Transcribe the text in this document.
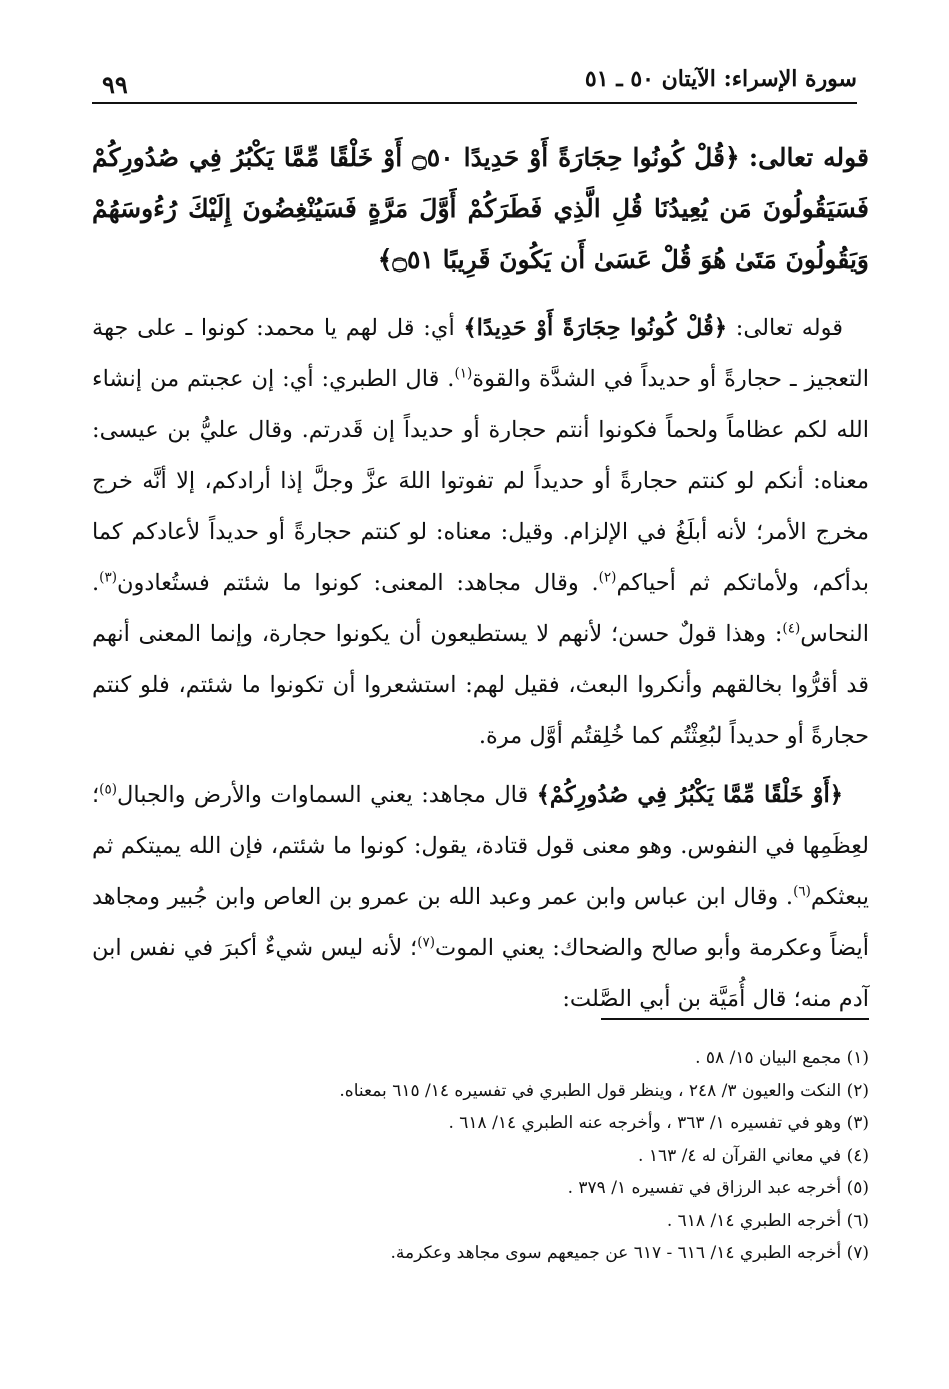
سورة الإسراء: الآيتان ٥٠ ـ ٥١
٩٩

قوله تعالى: ﴿قُلْ كُونُوا حِجَارَةً أَوْ حَدِيدًا ۝٥٠ أَوْ خَلْقًا مِّمَّا يَكْبُرُ فِي صُدُورِكُمْ فَسَيَقُولُونَ مَن يُعِيدُنَا قُلِ الَّذِي فَطَرَكُمْ أَوَّلَ مَرَّةٍ فَسَيُنْغِضُونَ إِلَيْكَ رُءُوسَهُمْ وَيَقُولُونَ مَتَىٰ هُوَ قُلْ عَسَىٰ أَن يَكُونَ قَرِيبًا ۝٥١﴾

قوله تعالى: ﴿قُلْ كُونُوا حِجَارَةً أَوْ حَدِيدًا﴾ أي: قل لهم يا محمد: كونوا ـ على جهة التعجيز ـ حجارةً أو حديداً في الشدَّة والقوة$^{(١)}$. قال الطبري: أي: إن عجبتم من إنشاء الله لكم عظاماً ولحماً فكونوا أنتم حجارة أو حديداً إن قَدرتم. وقال عليُّ بن عيسى: معناه: أنكم لو كنتم حجارةً أو حديداً لم تفوتوا اللهَ عزَّ وجلَّ إذا أرادكم، إلا أنَّه خرج مخرج الأمر؛ لأنه أبلَغُ في الإلزام. وقيل: معناه: لو كنتم حجارةً أو حديداً لأعادكم كما بدأكم، ولأماتكم ثم أحياكم$^{(٢)}$. وقال مجاهد: المعنى: كونوا ما شئتم فستُعادون$^{(٣)}$. النحاس$^{(٤)}$: وهذا قولٌ حسن؛ لأنهم لا يستطيعون أن يكونوا حجارة، وإنما المعنى أنهم قد أقرُّوا بخالقهم وأنكروا البعث، فقيل لهم: استشعروا أن تكونوا ما شئتم، فلو كنتم حجارةً أو حديداً لبُعِثْتُم كما خُلِقتُم أوَّل مرة.

﴿أَوْ خَلْقًا مِّمَّا يَكْبُرُ فِي صُدُورِكُمْ﴾ قال مجاهد: يعني السماوات والأرض والجبال$^{(٥)}$؛ لعِظَمِها في النفوس. وهو معنى قول قتادة، يقول: كونوا ما شئتم، فإن الله يميتكم ثم يبعثكم$^{(٦)}$. وقال ابن عباس وابن عمر وعبد الله بن عمرو بن العاص وابن جُبير ومجاهد أيضاً وعكرمة وأبو صالح والضحاك: يعني الموت$^{(٧)}$؛ لأنه ليس شيءٌ أكبرَ في نفس ابن آدم منه؛ قال أُمَيَّة بن أبي الصَّلت:

(١) مجمع البيان ١٥/ ٥٨ .
(٢) النكت والعيون ٣/ ٢٤٨ ، وينظر قول الطبري في تفسيره ١٤/ ٦١٥ بمعناه.
(٣) وهو في تفسيره ١/ ٣٦٣ ، وأخرجه عنه الطبري ١٤/ ٦١٨ .
(٤) في معاني القرآن له ٤/ ١٦٣ .
(٥) أخرجه عبد الرزاق في تفسيره ١/ ٣٧٩ .
(٦) أخرجه الطبري ١٤/ ٦١٨ .
(٧) أخرجه الطبري ١٤/ ٦١٦ - ٦١٧ عن جميعهم سوى مجاهد وعكرمة.
